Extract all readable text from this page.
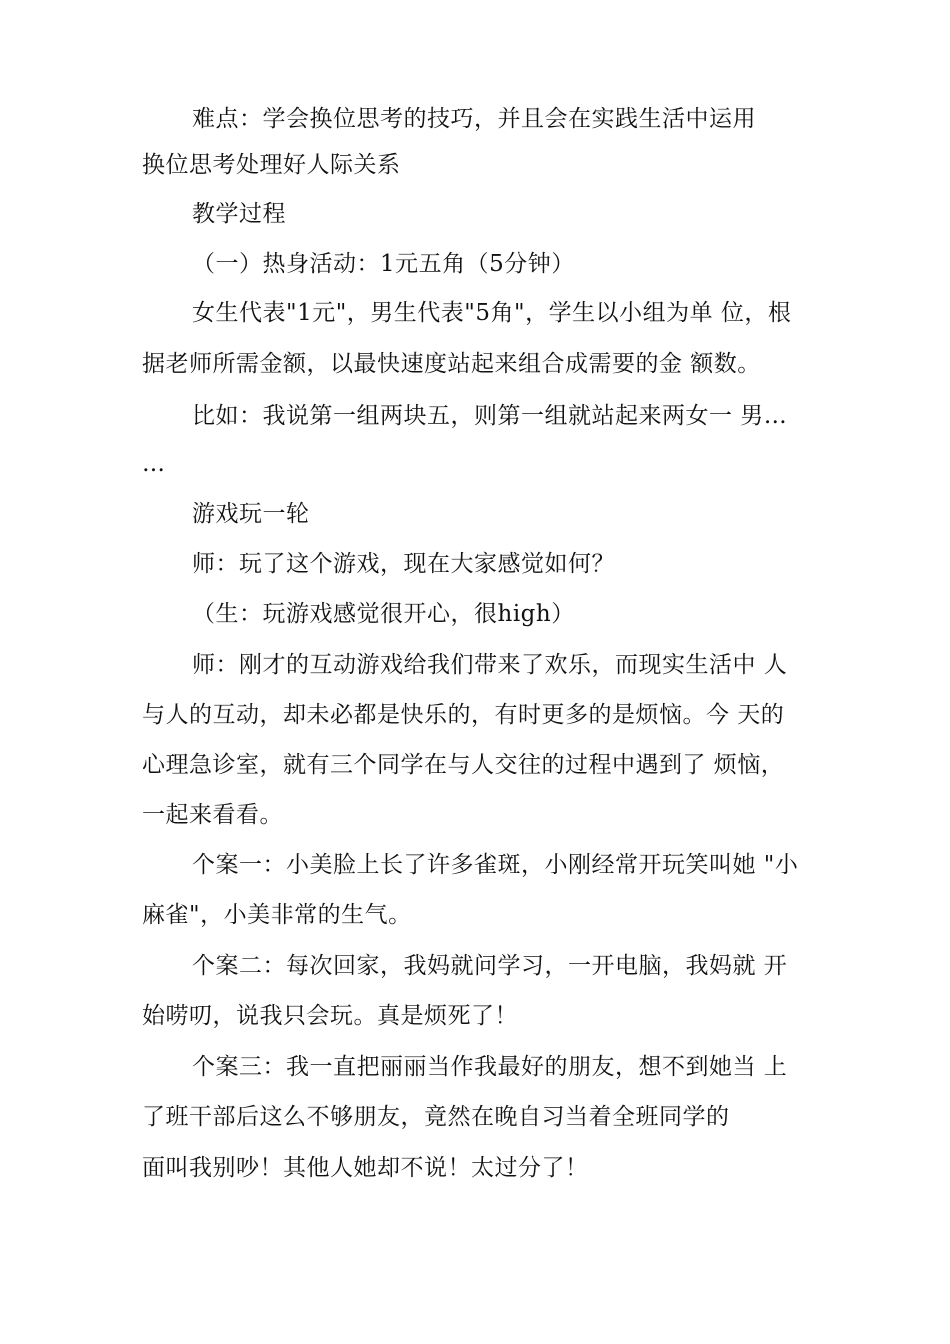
难点：学会换位思考的技巧，并且会在实践生活中运用
换位思考处理好人际关系
教学过程
（一）热身活动：1元五角（5分钟）
女生代表"1元"，男生代表"5角"，学生以小组为单 位，根
据老师所需金额，以最快速度站起来组合成需要的金 额数。
比如：我说第一组两块五，则第一组就站起来两女一 男…
…
游戏玩一轮
师：玩了这个游戏，现在大家感觉如何？
（生：玩游戏感觉很开心，很high）
师：刚才的互动游戏给我们带来了欢乐，而现实生活中 人
与人的互动，却未必都是快乐的，有时更多的是烦恼。今 天的
心理急诊室，就有三个同学在与人交往的过程中遇到了 烦恼，
一起来看看。
个案一：小美脸上长了许多雀斑，小刚经常开玩笑叫她 "小
麻雀"，小美非常的生气。
个案二：每次回家，我妈就问学习，一开电脑，我妈就 开
始唠叨，说我只会玩。真是烦死了！
个案三：我一直把丽丽当作我最好的朋友，想不到她当 上
了班干部后这么不够朋友，竟然在晚自习当着全班同学的
面叫我别吵！其他人她却不说！太过分了！
